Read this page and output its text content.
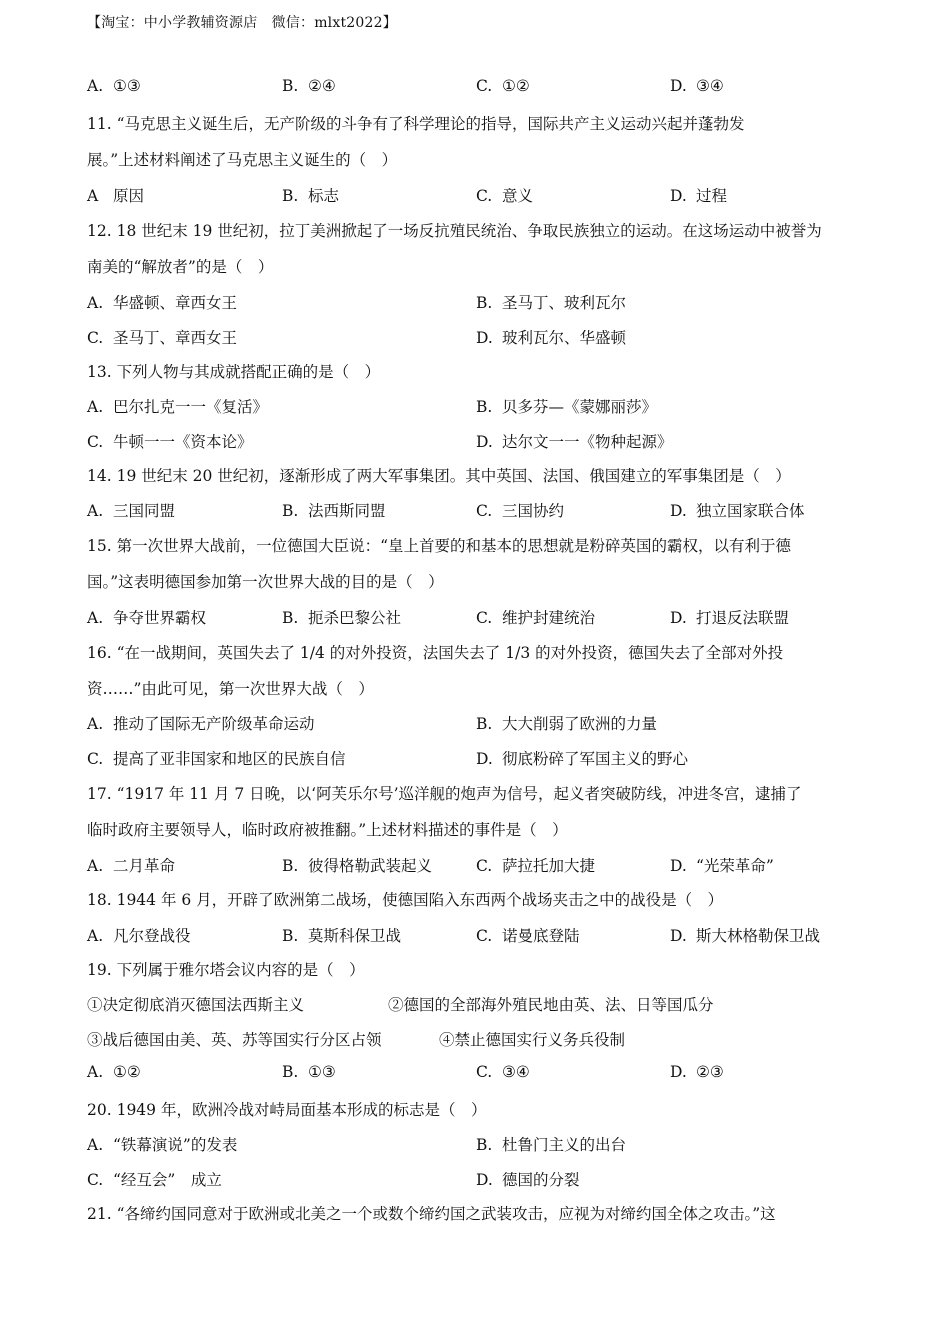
【淘宝：中小学教辅资源店　微信：mlxt2022】
A. ①③	B. ②④	C. ①②	D. ③④
11. “马克思主义诞生后，无产阶级的斗争有了科学理论的指导，国际共产主义运动兴起并蓬勃发
展。”上述材料阐述了马克思主义诞生的（　）
A 原因	B. 标志	C. 意义	D. 过程
12. 18 世纪末 19 世纪初，拉丁美洲掀起了一场反抗殖民统治、争取民族独立的运动。在这场运动中被誉为
南美的“解放者”的是（　）
A. 华盛顿、章西女王	B. 圣马丁、玻利瓦尔
C. 圣马丁、章西女王	D. 玻利瓦尔、华盛顿
13. 下列人物与其成就搭配正确的是（　）
A. 巴尔扎克一一《复活》	B. 贝多芬—《蒙娜丽莎》
C. 牛顿一一《资本论》	D. 达尔文一一《物种起源》
14. 19 世纪末 20 世纪初，逐渐形成了两大军事集团。其中英国、法国、俄国建立的军事集团是（　）
A. 三国同盟	B. 法西斯同盟	C. 三国协约	D. 独立国家联合体
15. 第一次世界大战前，一位德国大臣说：“皇上首要的和基本的思想就是粉碎英国的霸权，以有利于德
国。”这表明德国参加第一次世界大战的目的是（　）
A. 争夺世界霸权	B. 扼杀巴黎公社	C. 维护封建统治	D. 打退反法联盟
16. “在一战期间，英国失去了 1/4 的对外投资，法国失去了 1/3 的对外投资，德国失去了全部对外投
资……”由此可见，第一次世界大战（　）
A. 推动了国际无产阶级革命运动	B. 大大削弱了欧洲的力量
C. 提高了亚非国家和地区的民族自信	D. 彻底粉碎了军国主义的野心
17. “1917 年 11 月 7 日晚，以‘阿芙乐尔号’巡洋舰的炮声为信号，起义者突破防线，冲进冬宫，逮捕了
临时政府主要领导人，临时政府被推翻。”上述材料描述的事件是（　）
A. 二月革命	B. 彼得格勒武装起义	C. 萨拉托加大捷	D. “光荣革命”
18. 1944 年 6 月，开辟了欧洲第二战场，使德国陷入东西两个战场夹击之中的战役是（　）
A. 凡尔登战役	B. 莫斯科保卫战	C. 诺曼底登陆	D. 斯大林格勒保卫战
19. 下列属于雅尔塔会议内容的是（　）
①决定彻底消灭德国法西斯主义	②德国的全部海外殖民地由英、法、日等国瓜分
③战后德国由美、英、苏等国实行分区占领	④禁止德国实行义务兵役制
A. ①②	B. ①③	C. ③④	D. ②③
20. 1949 年，欧洲冷战对峙局面基本形成的标志是（　）
A. “铁幕演说”的发表	B. 杜鲁门主义的出台
C. “经互会”　成立	D. 德国的分裂
21. “各缔约国同意对于欧洲或北美之一个或数个缔约国之武装攻击，应视为对缔约国全体之攻击。”这
